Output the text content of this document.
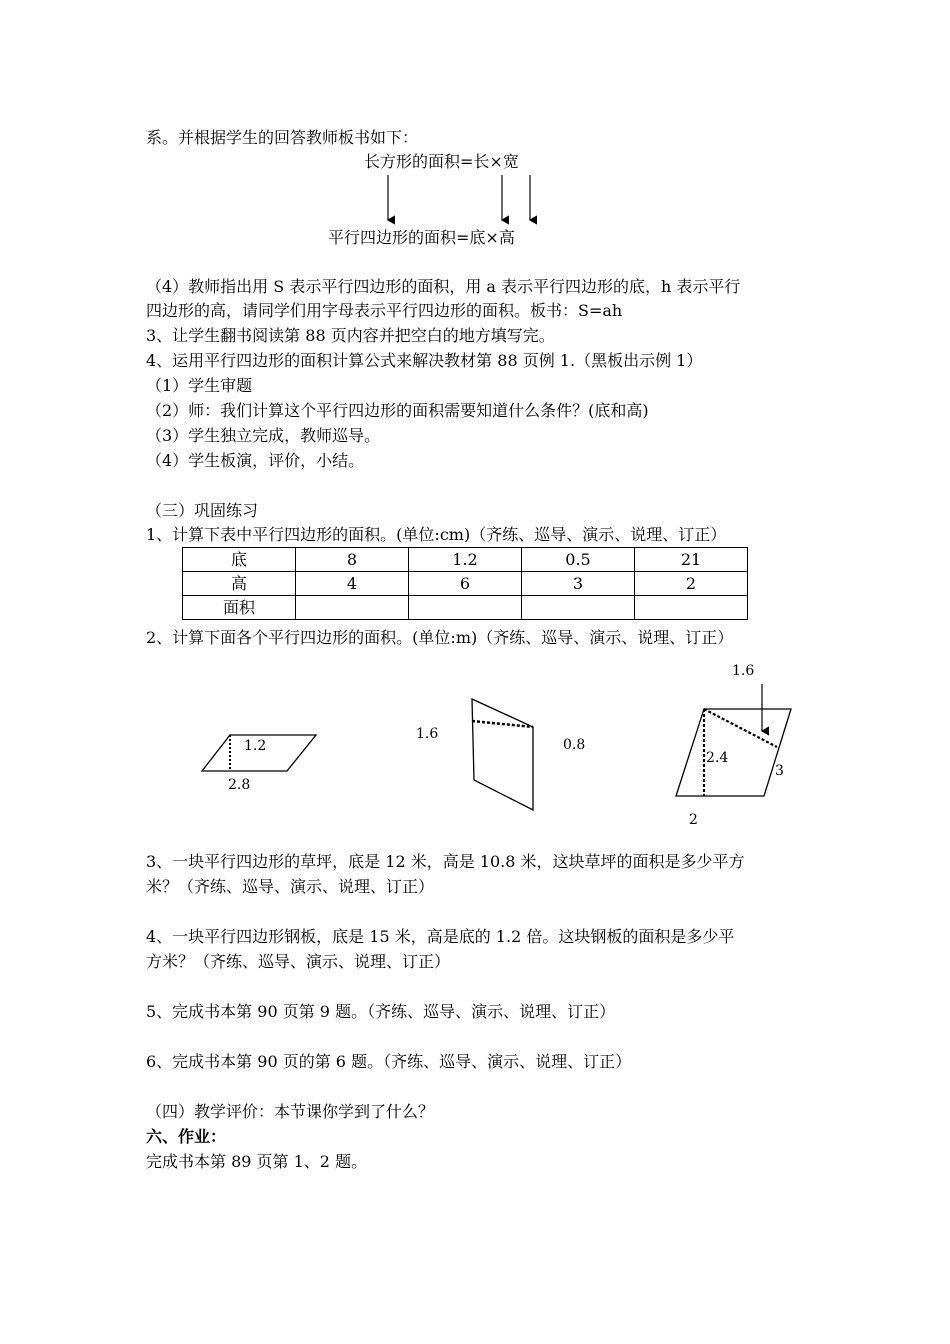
系。并根据学生的回答教师板书如下：
长方形的面积=长×宽
平行四边形的面积=底×高
（4）教师指出用 S 表示平行四边形的面积，用 a 表示平行四边形的底，h 表示平行
四边形的高，请同学们用字母表示平行四边形的面积。板书：S=ah
3、让学生翻书阅读第 88 页内容并把空白的地方填写完。
4、运用平行四边形的面积计算公式来解决教材第 88 页例 1.（黑板出示例 1）
（1）学生审题
（2）师：我们计算这个平行四边形的面积需要知道什么条件？(底和高)
（3）学生独立完成，教师巡导。
（4）学生板演，评价，小结。
（三）巩固练习
1、计算下表中平行四边形的面积。(单位:cm)（齐练、巡导、演示、说理、订正）
底	8	1.2	0.5	21
高	4	6	3	2
面积				
2、计算下面各个平行四边形的面积。(单位:m)（齐练、巡导、演示、说理、订正）
1.2
2.8
1.6
0.8
1.6
2.4
3
2
3、一块平行四边形的草坪，底是 12 米，高是 10.8 米，这块草坪的面积是多少平方
米？（齐练、巡导、演示、说理、订正）
4、一块平行四边形钢板，底是 15 米，高是底的 1.2 倍。这块钢板的面积是多少平
方米？（齐练、巡导、演示、说理、订正）
5、完成书本第 90 页第 9 题。（齐练、巡导、演示、说理、订正）
6、完成书本第 90 页的第 6 题。（齐练、巡导、演示、说理、订正）
（四）教学评价：本节课你学到了什么？
六、作业：
完成书本第 89 页第 1、2 题。
